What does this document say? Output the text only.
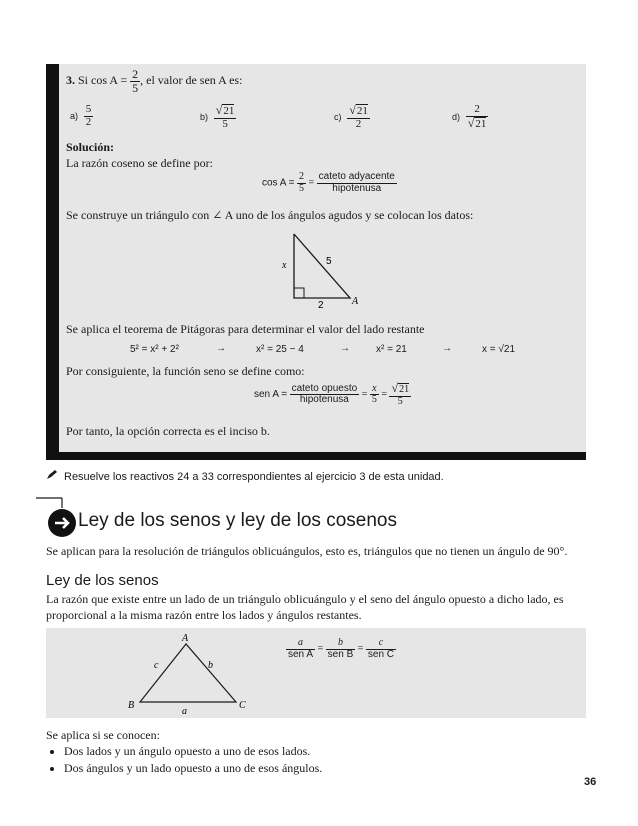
3. Si $\cos A = \frac{2}{5}$ , el valor de sen A es:
$a) \frac{5}{2}$	$b) \frac{√21}{5}$	$c) \frac{√21}{2}$	$d) \frac{2}{√21}$
Solución:
La razón coseno se define por:
$\cos A = \frac{2}{5} = \frac{\text{cateto adyacente}}{\text{hipotenusa}}$
Se construye un triángulo con ∠ A uno de los ángulos agudos y se colocan los datos:
x	5
2	A
Se aplica el teorema de Pitágoras para determinar el valor del lado restante
5² = x² + 2²	→	x² = 25 − 4	→	x² = 21	→	x = √21
Por consiguiente, la función seno se define como:
sen $A = \frac{\text{cateto opuesto}}{\text{hipotenusa}} = \frac{x}{5} = \frac{√21}{5}$
Por tanto, la opción correcta es el inciso b.
Resuelve los reactivos 24 a 33 correspondientes al ejercicio 3 de esta unidad.
Ley de los senos y ley de los cosenos
Se aplican para la resolución de triángulos oblicuángulos, esto es, triángulos que no tienen un ángulo de 90°.
Ley de los senos
La razón que existe entre un lado de un triángulo oblicuángulo y el seno del ángulo opuesto a dicho lado, es proporcional a la misma razón entre los lados y ángulos restantes.
A
B	C
c	b
a
$\frac{a}{\text{sen A}} = \frac{b}{\text{sen B}} = \frac{c}{\text{sen C}}$
Se aplica si se conocen:
• Dos lados y un ángulo opuesto a uno de esos lados.
• Dos ángulos y un lado opuesto a uno de esos ángulos.
36
